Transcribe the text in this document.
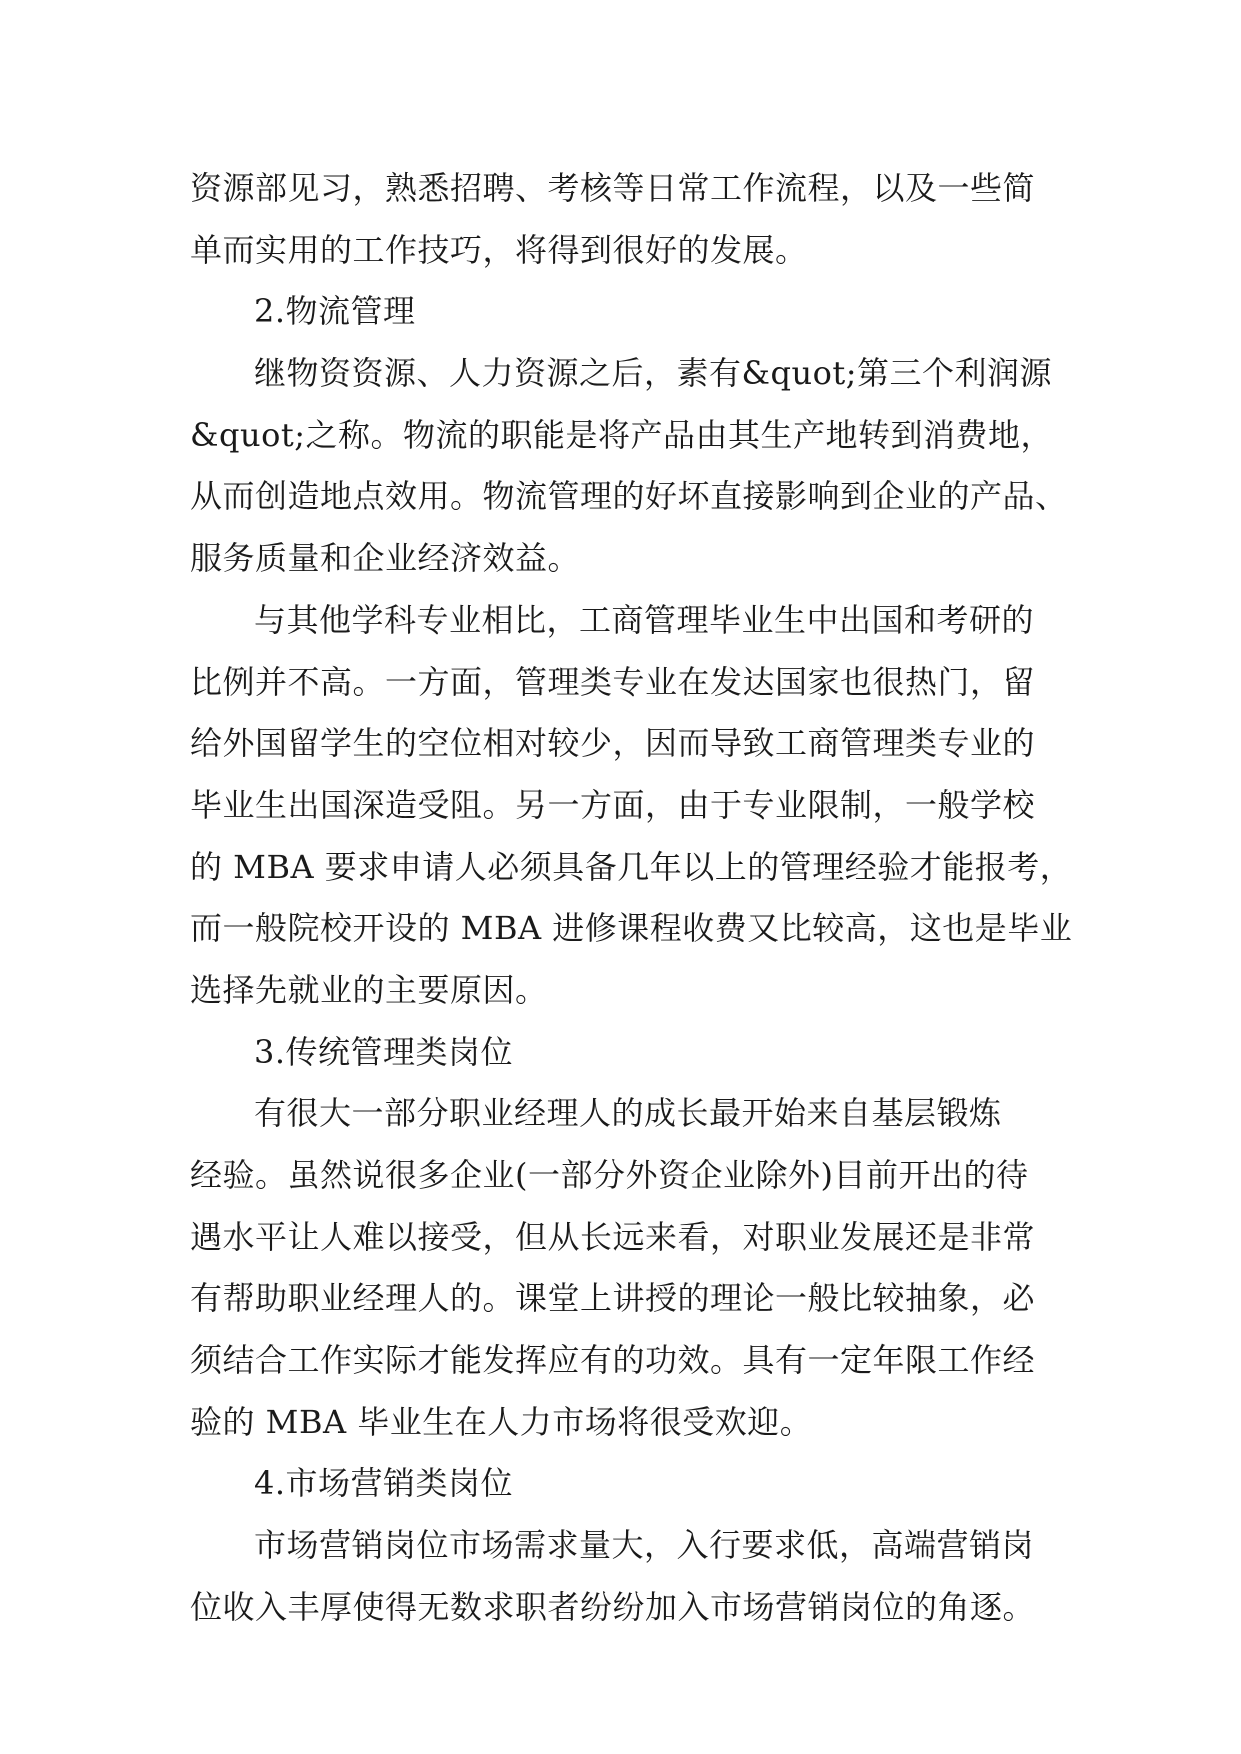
资源部见习，熟悉招聘、考核等日常工作流程，以及一些简
单而实用的工作技巧，将得到很好的发展。
2.物流管理
继物资资源、人力资源之后，素有&quot;第三个利润源
&quot;之称。物流的职能是将产品由其生产地转到消费地，
从而创造地点效用。物流管理的好坏直接影响到企业的产品、
服务质量和企业经济效益。
与其他学科专业相比，工商管理毕业生中出国和考研的
比例并不高。一方面，管理类专业在发达国家也很热门，留
给外国留学生的空位相对较少，因而导致工商管理类专业的
毕业生出国深造受阻。另一方面，由于专业限制，一般学校
的 MBA 要求申请人必须具备几年以上的管理经验才能报考，
而一般院校开设的 MBA 进修课程收费又比较高，这也是毕业
选择先就业的主要原因。
3.传统管理类岗位
有很大一部分职业经理人的成长最开始来自基层锻炼
经验。虽然说很多企业(一部分外资企业除外)目前开出的待
遇水平让人难以接受，但从长远来看，对职业发展还是非常
有帮助职业经理人的。课堂上讲授的理论一般比较抽象，必
须结合工作实际才能发挥应有的功效。具有一定年限工作经
验的 MBA 毕业生在人力市场将很受欢迎。
4.市场营销类岗位
市场营销岗位市场需求量大，入行要求低，高端营销岗
位收入丰厚使得无数求职者纷纷加入市场营销岗位的角逐。
